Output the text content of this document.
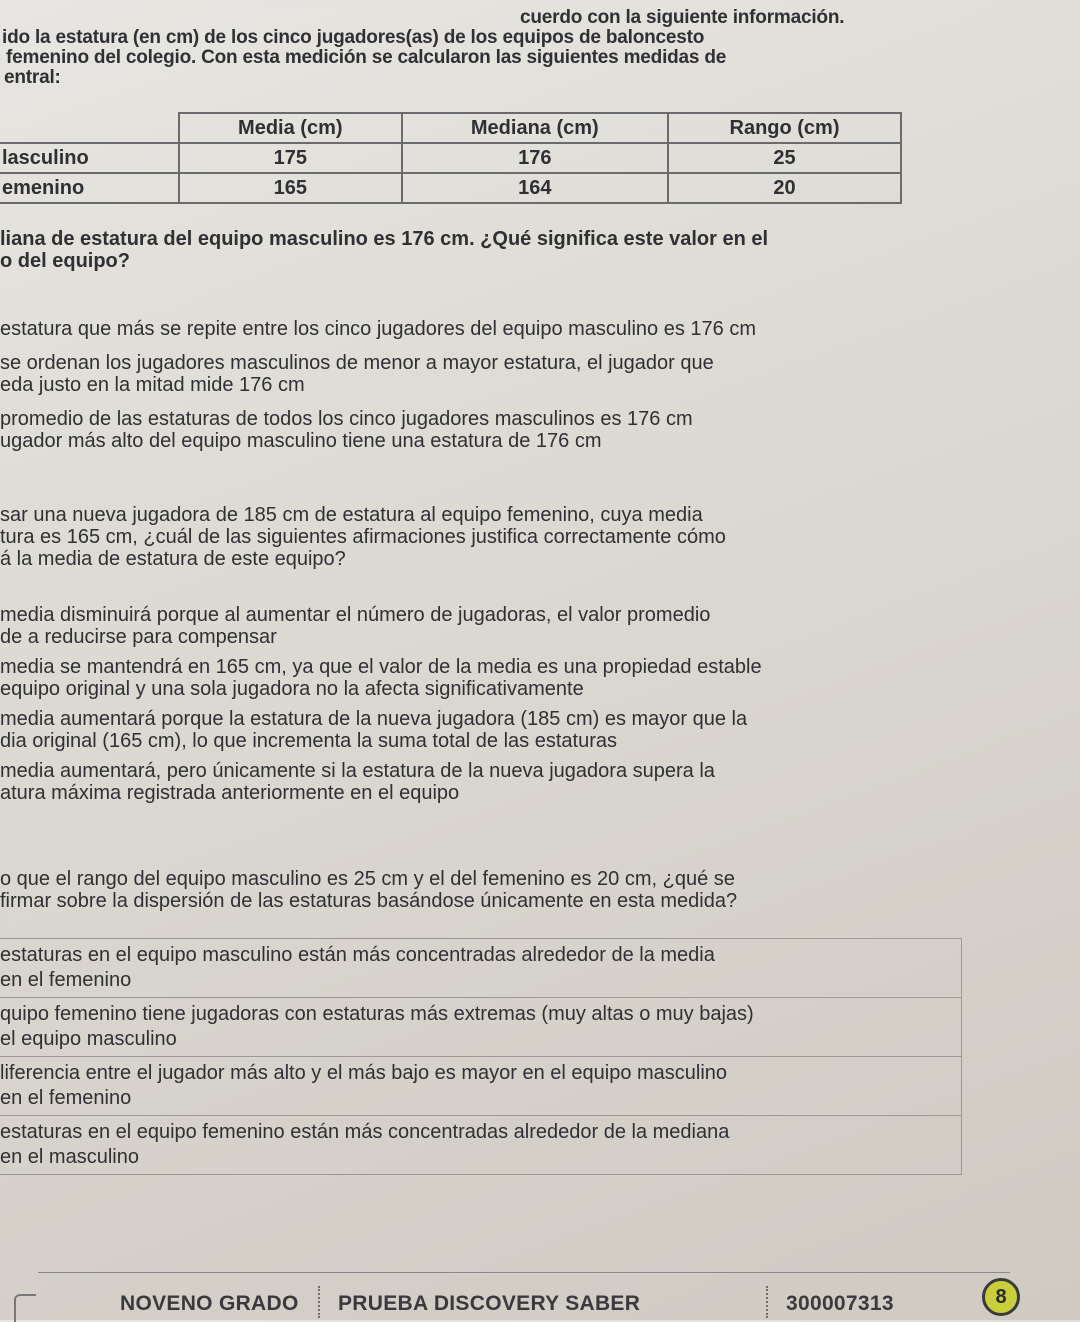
cuerdo con la siguiente información.

ido la estatura (en cm) de los cinco jugadores(as) de los equipos de baloncesto

femenino del colegio. Con esta medición se calcularon las siguientes medidas de

entral:

	Media (cm)	Mediana (cm)	Rango (cm)
lasculino	175	176	25
emenino	165	164	20

liana de estatura del equipo masculino es 176 cm. ¿Qué significa este valor en el

o del equipo?

estatura que más se repite entre los cinco jugadores del equipo masculino es 176 cm

se ordenan los jugadores masculinos de menor a mayor estatura, el jugador que

eda justo en la mitad mide 176 cm

promedio de las estaturas de todos los cinco jugadores masculinos es 176 cm

ugador más alto del equipo masculino tiene una estatura de 176 cm

sar una nueva jugadora de 185 cm de estatura al equipo femenino, cuya media

tura es 165 cm, ¿cuál de las siguientes afirmaciones justifica correctamente cómo

á la media de estatura de este equipo?

media disminuirá porque al aumentar el número de jugadoras, el valor promedio

de a reducirse para compensar

media se mantendrá en 165 cm, ya que el valor de la media es una propiedad estable

equipo original y una sola jugadora no la afecta significativamente

media aumentará porque la estatura de la nueva jugadora (185 cm) es mayor que la

dia original (165 cm), lo que incrementa la suma total de las estaturas

media aumentará, pero únicamente si la estatura de la nueva jugadora supera la

atura máxima registrada anteriormente en el equipo

o que el rango del equipo masculino es 25 cm y el del femenino es 20 cm, ¿qué se

firmar sobre la dispersión de las estaturas basándose únicamente en esta medida?

estaturas en el equipo masculino están más concentradas alrededor de la media

en el femenino

quipo femenino tiene jugadoras con estaturas más extremas (muy altas o muy bajas)

el equipo masculino

liferencia entre el jugador más alto y el más bajo es mayor en el equipo masculino

en el femenino

estaturas en el equipo femenino están más concentradas alrededor de la mediana

en el masculino

NOVENO GRADO PRUEBA DISCOVERY SABER	300007313	8
